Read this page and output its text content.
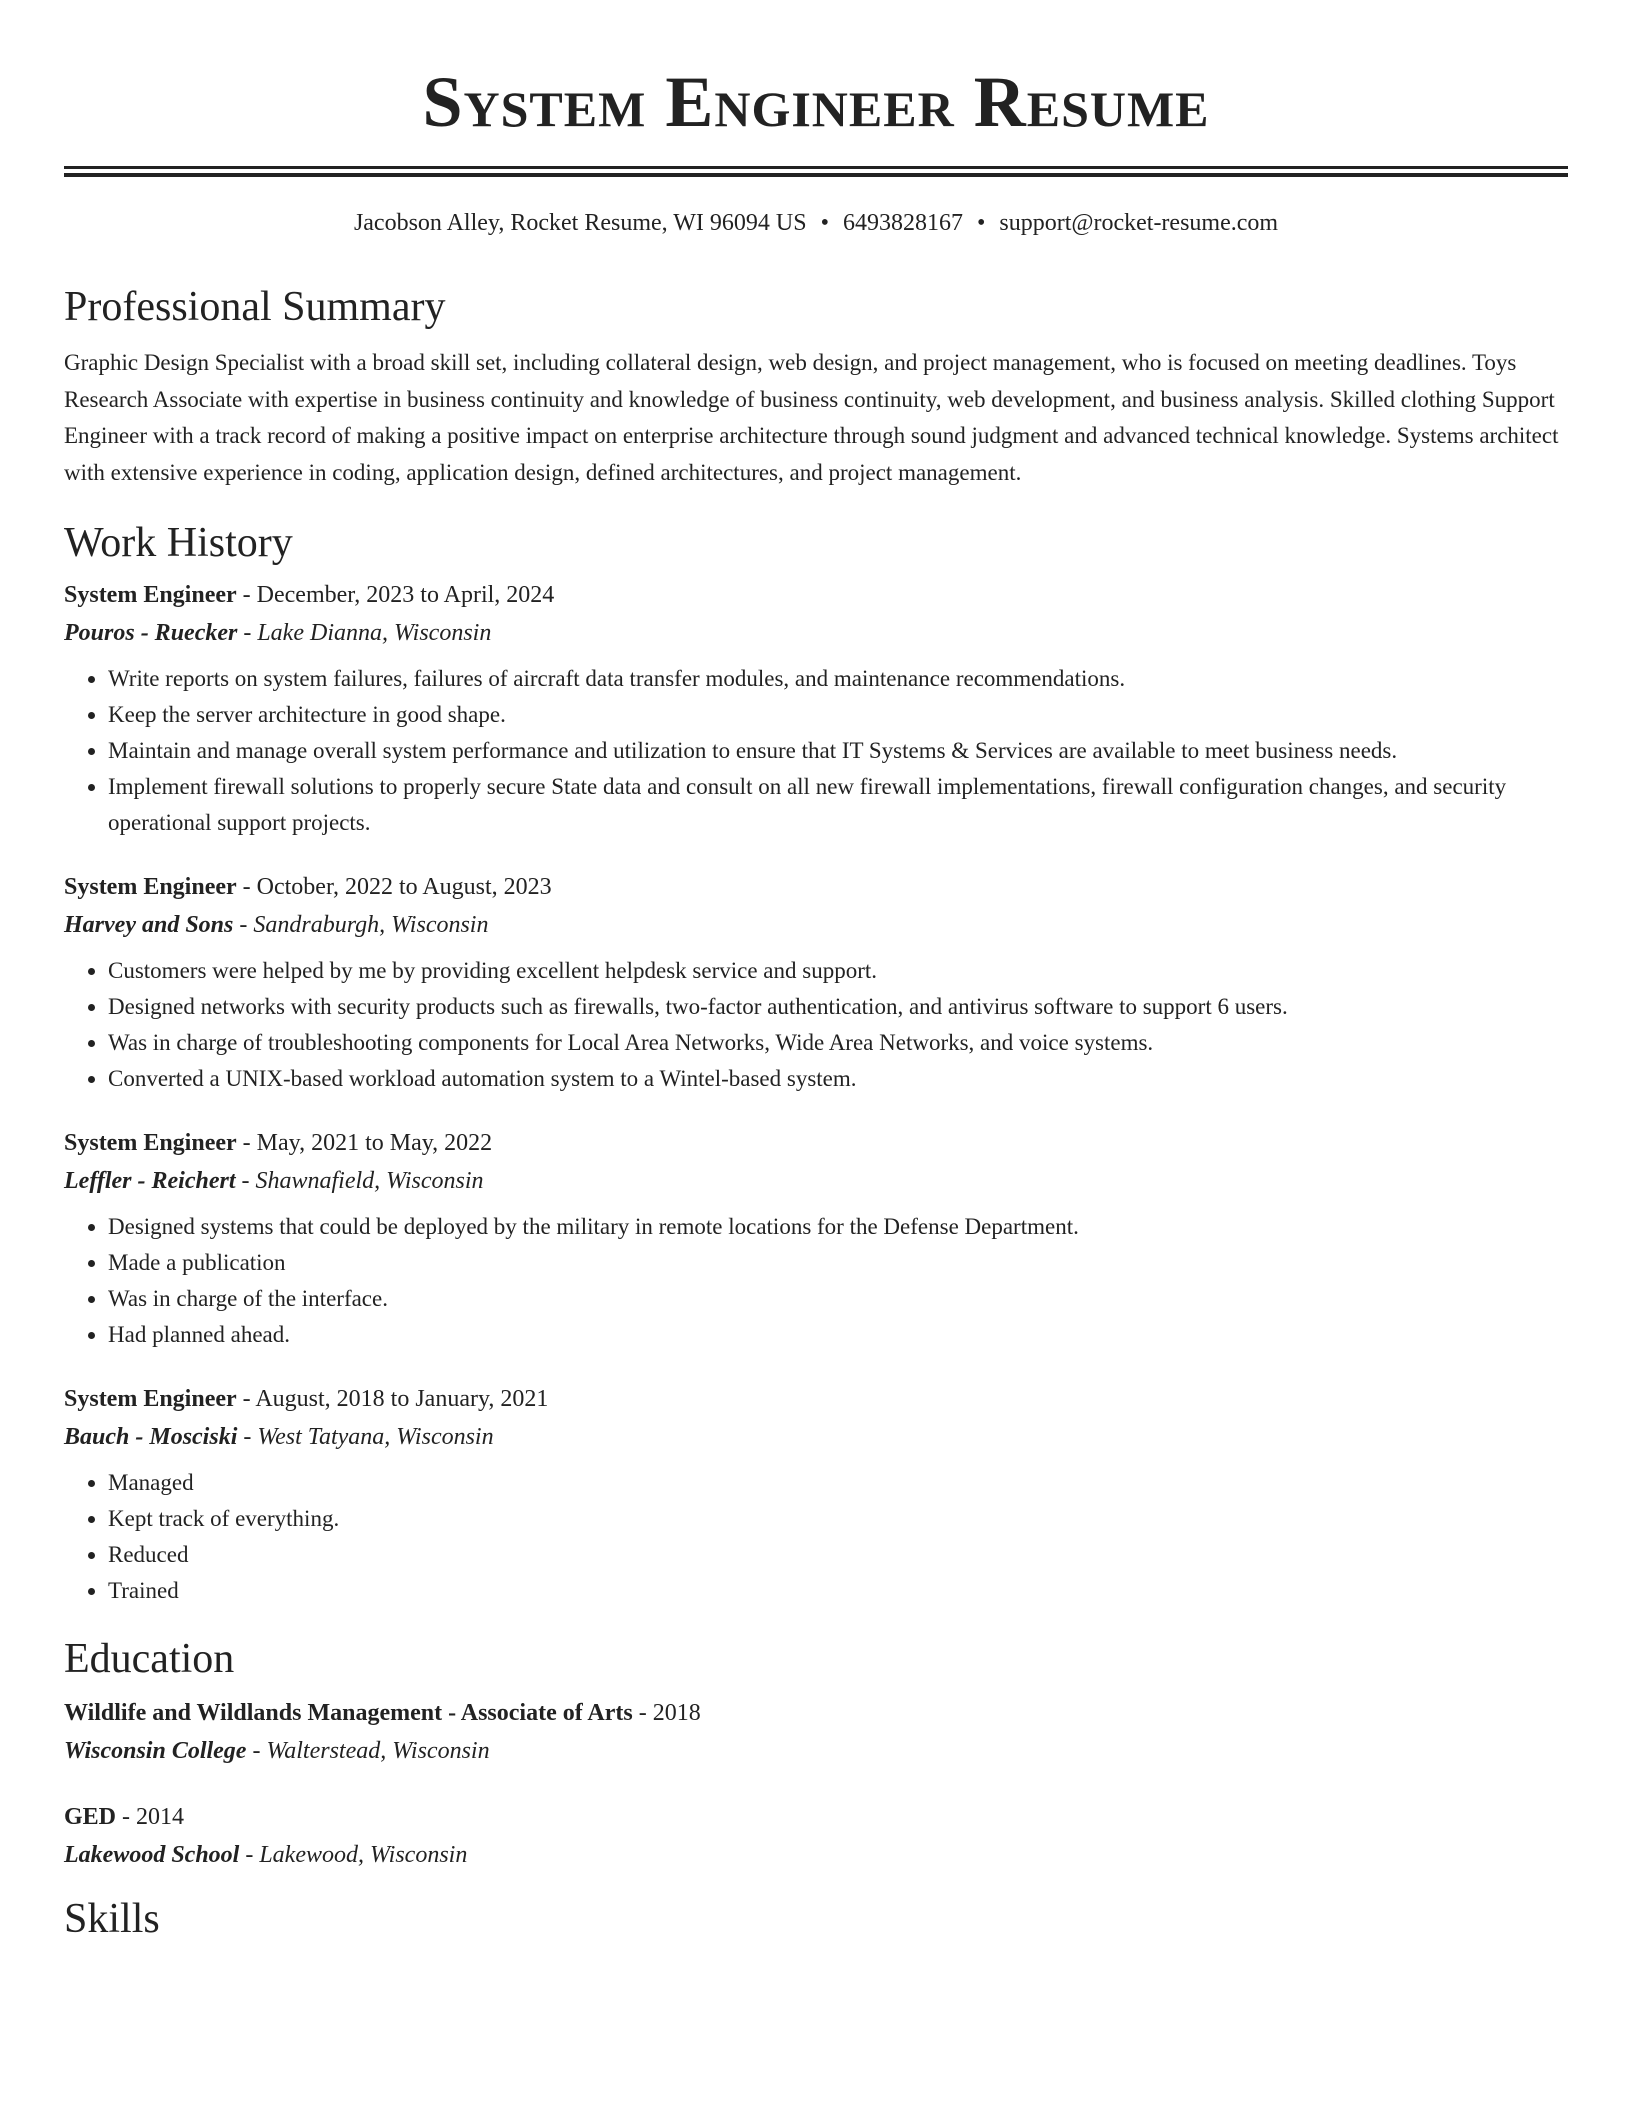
System Engineer Resume
Jacobson Alley, Rocket Resume, WI 96094 US • 6493828167 • support@rocket-resume.com
Professional Summary
Graphic Design Specialist with a broad skill set, including collateral design, web design, and project management, who is focused on meeting deadlines. Toys Research Associate with expertise in business continuity and knowledge of business continuity, web development, and business analysis. Skilled clothing Support Engineer with a track record of making a positive impact on enterprise architecture through sound judgment and advanced technical knowledge. Systems architect with extensive experience in coding, application design, defined architectures, and project management.
Work History
System Engineer - December, 2023 to April, 2024
Pouros - Ruecker - Lake Dianna, Wisconsin
• Write reports on system failures, failures of aircraft data transfer modules, and maintenance recommendations.
• Keep the server architecture in good shape.
• Maintain and manage overall system performance and utilization to ensure that IT Systems & Services are available to meet business needs.
• Implement firewall solutions to properly secure State data and consult on all new firewall implementations, firewall configuration changes, and security operational support projects.
System Engineer - October, 2022 to August, 2023
Harvey and Sons - Sandraburgh, Wisconsin
• Customers were helped by me by providing excellent helpdesk service and support.
• Designed networks with security products such as firewalls, two-factor authentication, and antivirus software to support 6 users.
• Was in charge of troubleshooting components for Local Area Networks, Wide Area Networks, and voice systems.
• Converted a UNIX-based workload automation system to a Wintel-based system.
System Engineer - May, 2021 to May, 2022
Leffler - Reichert - Shawnafield, Wisconsin
• Designed systems that could be deployed by the military in remote locations for the Defense Department.
• Made a publication
• Was in charge of the interface.
• Had planned ahead.
System Engineer - August, 2018 to January, 2021
Bauch - Mosciski - West Tatyana, Wisconsin
• Managed
• Kept track of everything.
• Reduced
• Trained
Education
Wildlife and Wildlands Management - Associate of Arts - 2018
Wisconsin College - Walterstead, Wisconsin
GED - 2014
Lakewood School - Lakewood, Wisconsin
Skills
